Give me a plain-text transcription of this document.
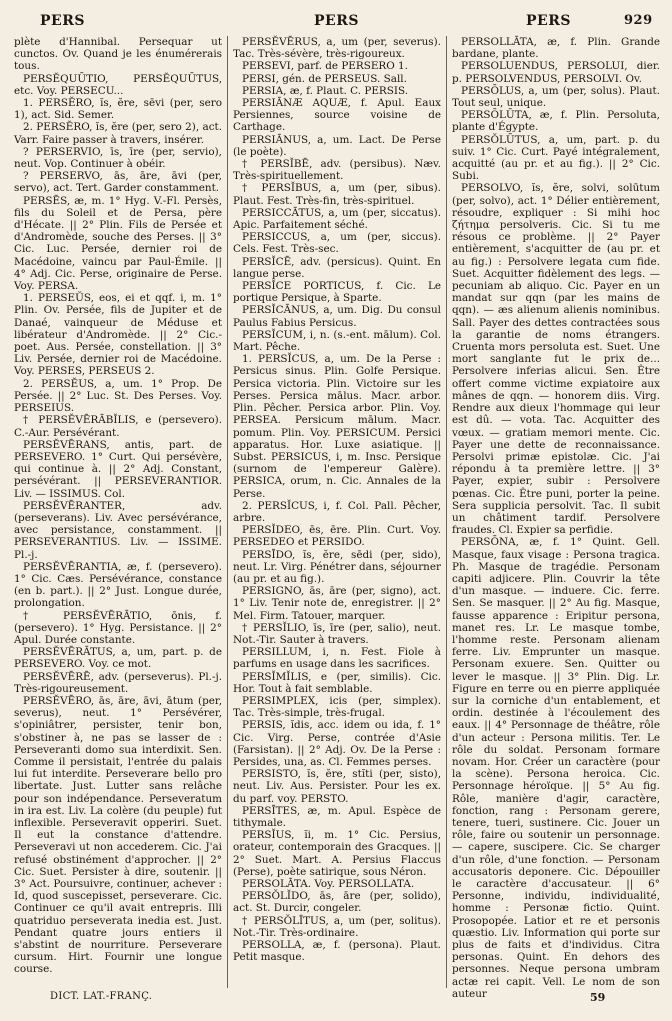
PERS	PERS	PERS	929

plète d'Hannibal. Persequar ut cunctos. Ov. Quand je les énumérerais tous.

PERSĔQUŪTIO, PERSĔQUŪTUS, etc. Voy. PERSECU...

1. PERSĔRO, ĭs, ĕre, sēvi (per, sero 1), act. Sid. Semer.

2. PERSĔRO, ĭs, ĕre (per, sero 2), act. Varr. Faire passer à travers, insérer.

? PERSERVIO, īs, īre (per, servio), neut. Vop. Continuer à obéir.

? PERSERVO, ās, āre, āvi (per, servo), act. Tert. Garder constamment.

PERSĒS, æ, m. 1° Hyg. V.-Fl. Persès, fils du Soleil et de Persa, père d'Hécate. || 2° Plin. Fils de Persée et d'Andromède, souche des Perses. || 3° Cic. Luc. Persée, dernier roi de Macédoine, vaincu par Paul-Émile. || 4° Adj. Cic. Perse, originaire de Perse. Voy. PERSA.

1. PERSEŬS, eos, ei et qqf. i, m. 1° Plin. Ov. Persée, fils de Jupiter et de Danaé, vainqueur de Méduse et libérateur d'Andromède. || 2° Cic.-poet. Aus. Persée, constellation. || 3° Liv. Persée, dernier roi de Macédoine. Voy. PERSES, PERSEUS 2.

2. PERSĔUS, a, um. 1° Prop. De Persée. || 2° Luc. St. Des Perses. Voy. PERSEIUS.

† PERSĔVĒRĀBĬLIS, e (persevero). C.-Aur. Persévérant.

PERSĔVĒRANS, antis, part. de PERSEVERO. 1° Curt. Qui persévère, qui continue à. || 2° Adj. Constant, persévérant. || PERSEVERANTIOR. Liv. — ISSIMUS. Col.

PERSĔVĒRANTER, adv. (perseverans). Liv. Avec persévérance, avec persistance, constamment. || PERSEVERANTIUS. Liv. — ISSIME. Pl.-j.

PERSĔVĒRANTIA, æ, f. (persevero). 1° Cic. Cæs. Persévérance, constance (en b. part.). || 2° Just. Longue durée, prolongation.

† PERSĔVĒRĀTIO, ōnis, f. (persevero). 1° Hyg. Persistance. || 2° Apul. Durée constante.

PERSĔVĒRĀTUS, a, um, part. p. de PERSEVERO. Voy. ce mot.

PERSĔVĒRĒ, adv. (perseverus). Pl.-j. Très-rigoureusement.

PERSĔVĒRO, ās, āre, āvi, ātum (per, severus), neut. 1° Persévérer, s'opiniâtrer, persister, tenir bon, s'obstiner à, ne pas se lasser de : Perseveranti domo sua interdixit. Sen. Comme il persistait, l'entrée du palais lui fut interdite. Perseverare bello pro libertate. Just. Lutter sans relâche pour son indépendance. Perseveratum in ira est. Liv. La colère (du peuple) fut inflexible. Perseveravit opperiri. Suet. Il eut la constance d'attendre. Perseveravi ut non accederem. Cic. J'ai refusé obstinément d'approcher. || 2° Cic. Suet. Persister à dire, soutenir. || 3° Act. Poursuivre, continuer, achever : Id, quod suscepisset, perseverare. Cic. Continuer ce qu'il avait entrepris. Illi quatriduo perseverata inedia est. Just. Pendant quatre jours entiers il s'abstint de nourriture. Perseverare cursum. Hirt. Fournir une longue course.

PERSĔVĒRUS, a, um (per, severus). Tac. Très-sévère, très-rigoureux.

PERSEVI, parf. de PERSERO 1.

PERSI, gén. de PERSEUS. Sall.

PERSIA, æ, f. Plaut. C. PERSIS.

PERSIĀNÆ AQUÆ, f. Apul. Eaux Persiennes, source voisine de Carthage.

PERSIĀNUS, a, um. Lact. De Perse (le poète).

† PERSĬBĒ, adv. (persibus). Næv. Très-spirituellement.

† PERSĬBUS, a, um (per, sibus). Plaut. Fest. Très-fin, très-spirituel.

PERSICCĀTUS, a, um (per, siccatus). Apic. Parfaitement séché.

PERSICCUS, a, um (per, siccus). Cels. Fest. Très-sec.

PERSĬCĒ, adv. (persicus). Quint. En langue perse.

PERSĬCE PORTICUS, f. Cic. Le portique Persique, à Sparte.

PERSĬCĀNUS, a, um. Dig. Du consul Paulus Fabius Persicus.

PERSĬCUM, i, n. (s.-ent. mālum). Col. Mart. Pêche.

1. PERSĬCUS, a, um. De la Perse : Persicus sinus. Plin. Golfe Persique. Persica victoria. Plin. Victoire sur les Perses. Persica mālus. Macr. arbor. Plin. Pêcher. Persica arbor. Plin. Voy. PERSEA. Persicum mālum. Macr. pomum. Plin. Voy. PERSICUM. Persici apparatus. Hor. Luxe asiatique. || Subst. PERSICUS, i, m. Insc. Persique (surnom de l'empereur Galère). PERSICA, orum, n. Cic. Annales de la Perse.

2. PERSĬCUS, i, f. Col. Pall. Pêcher, arbre.

PERSĬDEO, ēs, ēre. Plin. Curt. Voy. PERSEDEO et PERSIDO.

PERSĪDO, ĭs, ĕre, sēdi (per, sido), neut. Lr. Virg. Pénétrer dans, séjourner (au pr. et au fig.).

PERSIGNO, ās, āre (per, signo), act. 1° Liv. Tenir note de, enregistrer. || 2° Mel. Firm. Tatouer, marquer.

† PERSĬLIO, īs, īre (per, salio), neut. Not.-Tir. Sauter à travers.

PERSILLUM, i, n. Fest. Fiole à parfums en usage dans les sacrifices.

PERSĬMĬLIS, e (per, similis). Cic. Hor. Tout à fait semblable.

PERSIMPLEX, icis (per, simplex). Tac. Très-simple, très-frugal.

PERSIS, ĭdis, acc. idem ou ida, f. 1° Cic. Virg. Perse, contrée d'Asie (Farsistan). || 2° Adj. Ov. De la Perse : Persides, una, as. Cl. Femmes perses.

PERSISTO, ĭs, ĕre, stĭti (per, sisto), neut. Liv. Aus. Persister. Pour les ex. du parf. voy. PERSTO.

PERSĪTES, æ, m. Apul. Espèce de tithymale.

PERSĬUS, ĭi, m. 1° Cic. Persius, orateur, contemporain des Gracques. || 2° Suet. Mart. A. Persius Flaccus (Perse), poète satirique, sous Néron.

PERSOLĀTA. Voy. PERSOLLATA.

PERSŎLĬDO, ās, āre (per, solido), act. St. Durcir, congeler.

† PERSŎLĪTUS, a, um (per, solitus). Not.-Tir. Très-ordinaire.

PERSOLLA, æ, f. (persona). Plaut. Petit masque.

PERSOLLĀTA, æ, f. Plin. Grande bardane, plante.

PERSOLUENDUS, PERSOLUI, dier. p. PERSOLVENDUS, PERSOLVI. Ov.

PERSŌLUS, a, um (per, solus). Plaut. Tout seul, unique.

PERSŌLŪTA, æ, f. Plin. Persoluta, plante d'Égypte.

PERSŎLŪTUS, a, um, part. p. du suiv. 1° Cic. Curt. Payé intégralement, acquitté (au pr. et au fig.). || 2° Cic. Subi.

PERSOLVO, ĭs, ĕre, solvi, solūtum (per, solvo), act. 1° Délier entièrement, résoudre, expliquer : Si mihi hoc ζήτημα persolveris. Cic. Si tu me résous ce problème. || 2° Payer entièrement, s'acquitter de (au pr. et au fig.) : Persolvere legata cum fide. Suet. Acquitter fidèlement des legs. — pecuniam ab aliquo. Cic. Payer en un mandat sur qqn (par les mains de qqn). — æs alienum alienis nominibus. Sall. Payer des dettes contractées sous la garantie de noms étrangers. Cruenta mors persoluta est. Suet. Une mort sanglante fut le prix de... Persolvere inferias alicui. Sen. Être offert comme victime expiatoire aux mânes de qqn. — honorem diis. Virg. Rendre aux dieux l'hommage qui leur est dû. — vota. Tac. Acquitter des vœux. — gratiam memori mente. Cic. Payer une dette de reconnaissance. Persolvi primæ epistolæ. Cic. J'ai répondu à ta première lettre. || 3° Payer, expier, subir : Persolvere pœnas. Cic. Être puni, porter la peine. Sera supplicia persolvit. Tac. Il subit un châtiment tardif. Persolvere fraudes. Cl. Expier sa perfidie.

PERSŌNA, æ, f. 1° Quint. Gell. Masque, faux visage : Persona tragica. Ph. Masque de tragédie. Personam capiti adjicere. Plin. Couvrir la tête d'un masque. — induere. Cic. ferre. Sen. Se masquer. || 2° Au fig. Masque, fausse apparence : Eripitur persona, manet res. Lr. Le masque tombe, l'homme reste. Personam alienam ferre. Liv. Emprunter un masque. Personam exuere. Sen. Quitter ou lever le masque. || 3° Plin. Dig. Lr. Figure en terre ou en pierre appliquée sur la corniche d'un entablement, et ordin. destinée à l'écoulement des eaux. || 4° Personnage de théâtre, rôle d'un acteur : Persona militis. Ter. Le rôle du soldat. Personam formare novam. Hor. Créer un caractère (pour la scène). Persona heroica. Cic. Personnage héroïque. || 5° Au fig. Rôle, manière d'agir, caractère, fonction, rang : Personam gerere, tenere, tueri, sustinere. Cic. Jouer un rôle, faire ou soutenir un personnage. — capere, suscipere. Cic. Se charger d'un rôle, d'une fonction. — Personam accusatoris deponere. Cic. Dépouiller le caractère d'accusateur. || 6° Personne, individu, individualité, homme : Personæ fictio. Quint. Prosopopée. Latior et re et personis quæstio. Liv. Information qui porte sur plus de faits et d'individus. Citra personas. Quint. En dehors des personnes. Neque persona umbram actæ rei capit. Vell. Le nom de son auteur

DICT. LAT.-FRANÇ.	59
